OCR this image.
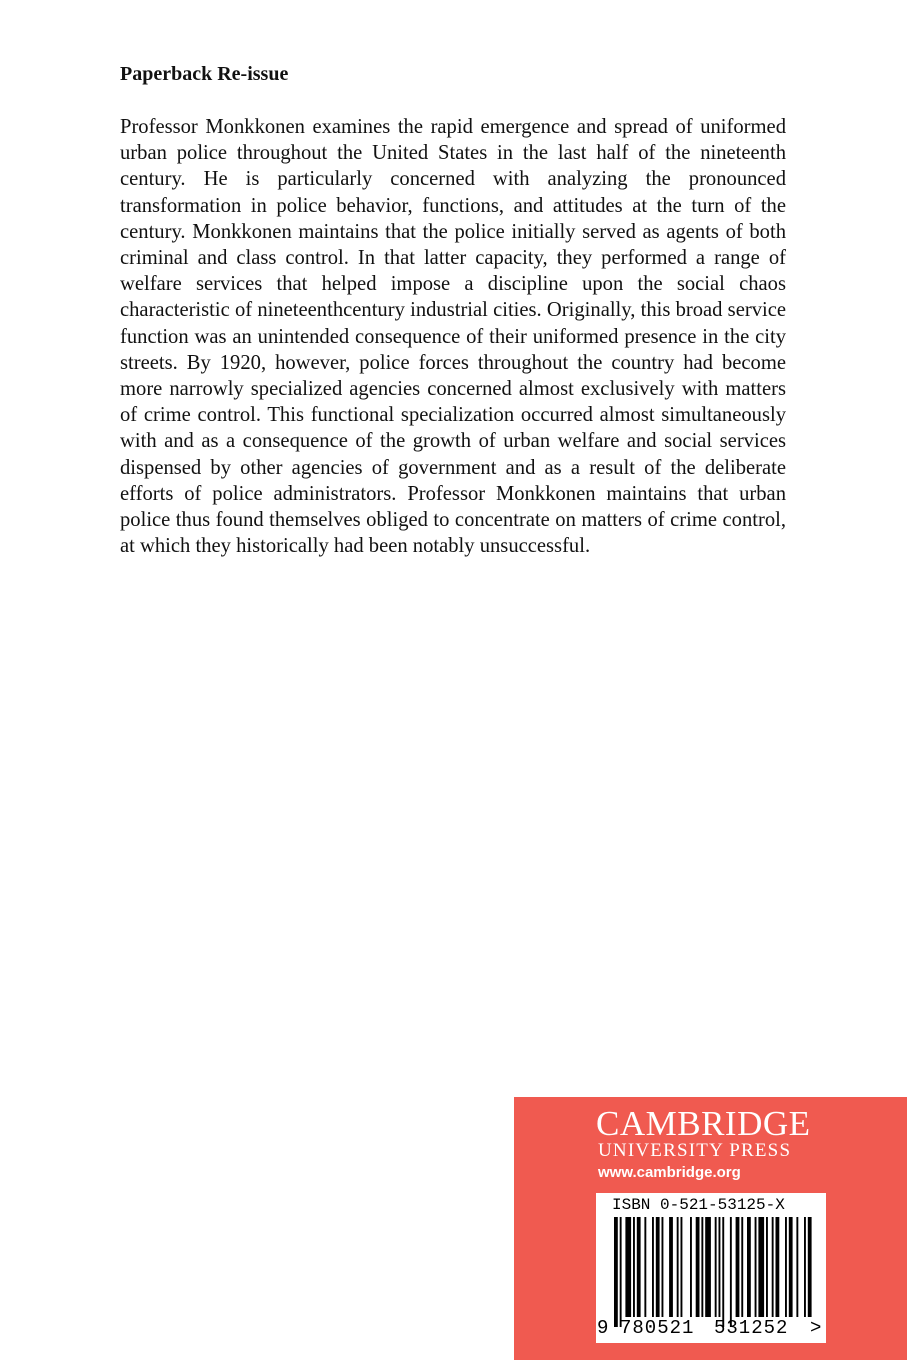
Paperback Re-issue

Professor Monkkonen examines the rapid emergence and spread of uniformed urban police throughout the United States in the last half of the nineteenth century. He is particularly concerned with analyzing the pronounced transformation in police behavior, functions, and attitudes at the turn of the century. Monkkonen maintains that the police initially served as agents of both criminal and class control. In that latter capacity, they performed a range of welfare services that helped impose a discipline upon the social chaos characteristic of nineteenthcentury industrial cities. Originally, this broad service function was an unintended consequence of their uniformed presence in the city streets. By 1920, however, police forces throughout the country had become more narrowly specialized agencies concerned almost exclusively with matters of crime control. This functional specialization occurred almost simultaneously with and as a consequence of the growth of urban welfare and social services dispensed by other agencies of government and as a result of the deliberate efforts of police administrators. Professor Monkkonen maintains that urban police thus found themselves obliged to concentrate on matters of crime control, at which they historically had been notably unsuccessful.

CAMBRIDGE
UNIVERSITY PRESS
www.cambridge.org
ISBN 0-521-53125-X
9 780521 531252 >
